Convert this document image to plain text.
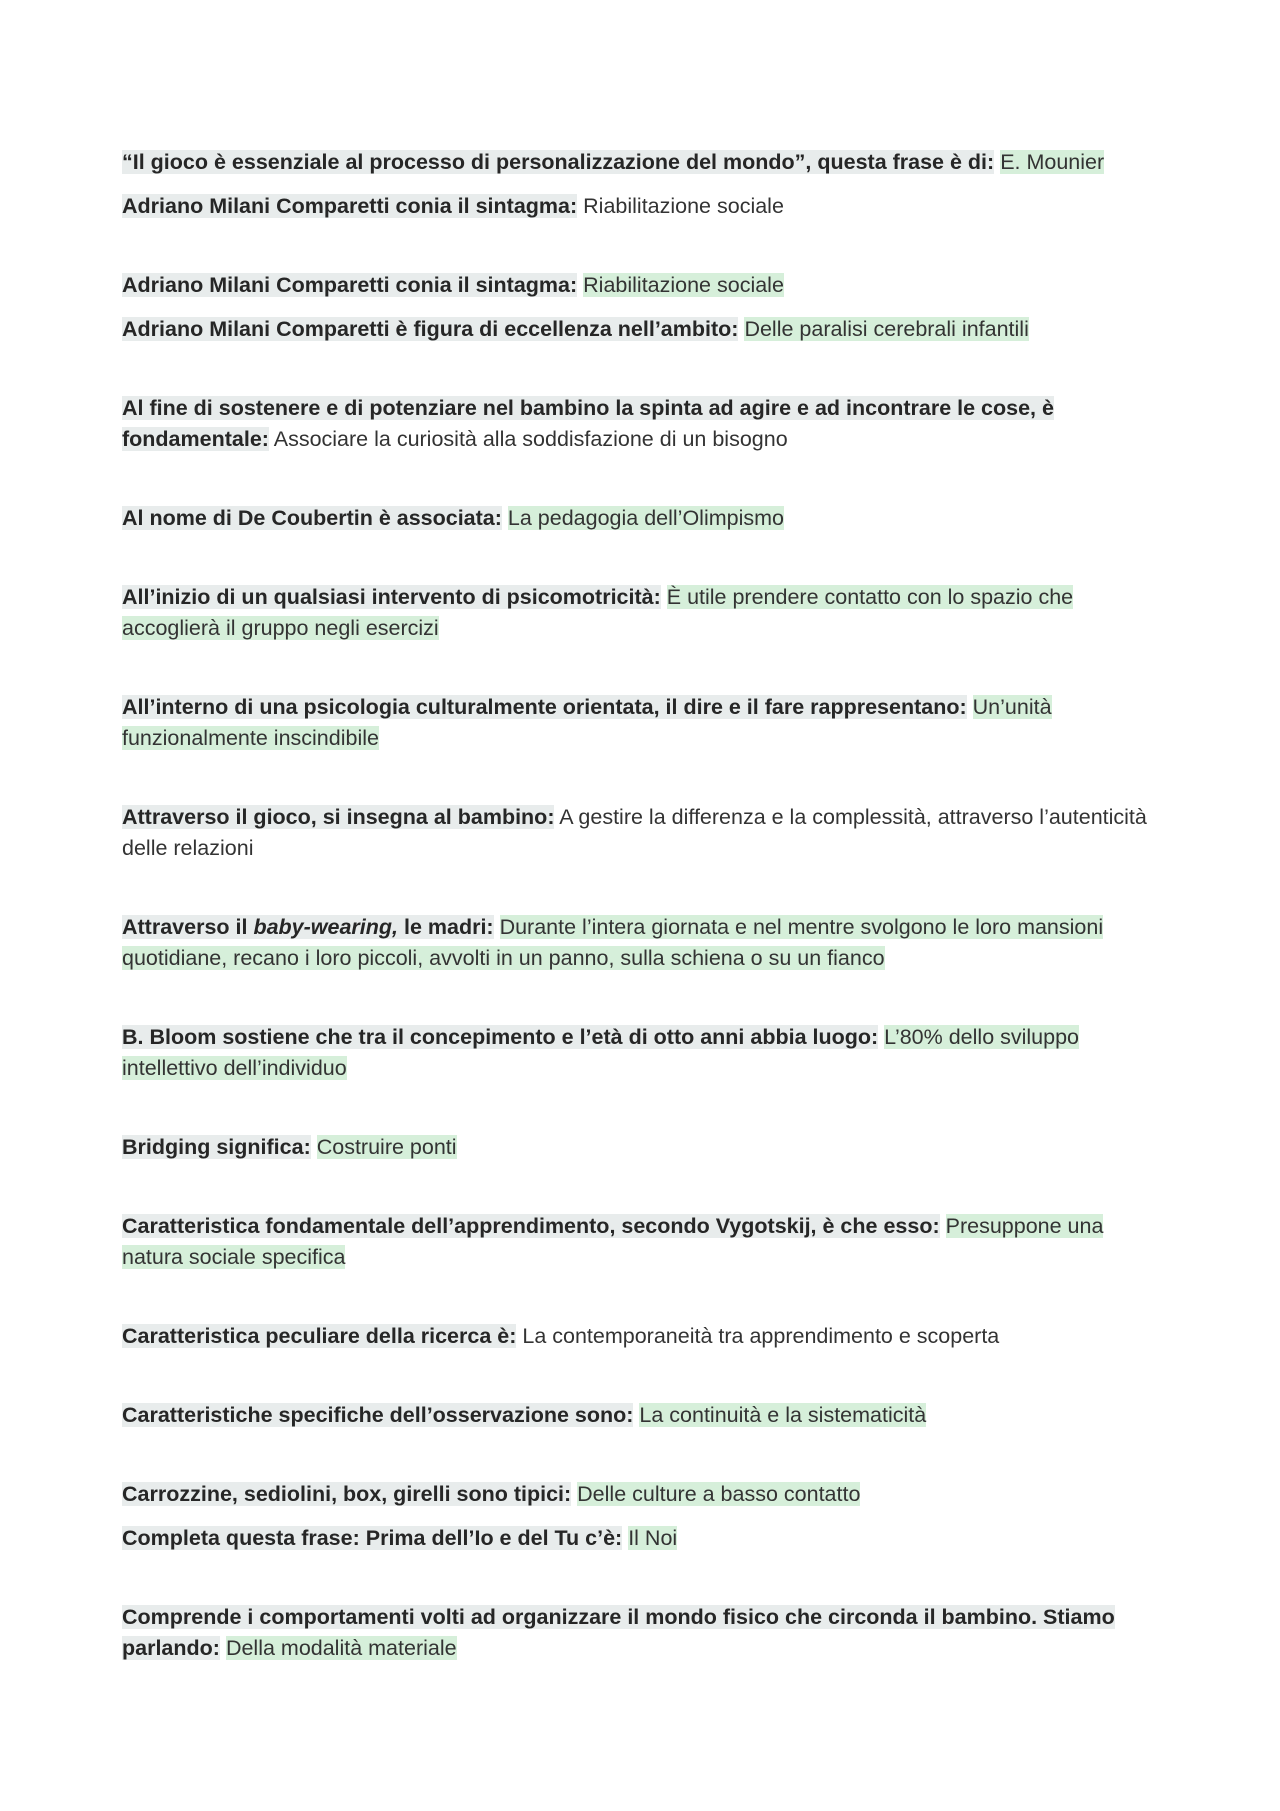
“Il gioco è essenziale al processo di personalizzazione del mondo”, questa frase è di: E. Mounier

Adriano Milani Comparetti conia il sintagma: Riabilitazione sociale

Adriano Milani Comparetti conia il sintagma: Riabilitazione sociale

Adriano Milani Comparetti è figura di eccellenza nell’ambito: Delle paralisi cerebrali infantili

Al fine di sostenere e di potenziare nel bambino la spinta ad agire e ad incontrare le cose, è fondamentale: Associare la curiosità alla soddisfazione di un bisogno

Al nome di De Coubertin è associata: La pedagogia dell’Olimpismo

All’inizio di un qualsiasi intervento di psicomotricità: È utile prendere contatto con lo spazio che accoglierà il gruppo negli esercizi

All’interno di una psicologia culturalmente orientata, il dire e il fare rappresentano: Un’unità funzionalmente inscindibile

Attraverso il gioco, si insegna al bambino: A gestire la differenza e la complessità, attraverso l’autenticità delle relazioni

Attraverso il baby-wearing, le madri: Durante l’intera giornata e nel mentre svolgono le loro mansioni quotidiane, recano i loro piccoli, avvolti in un panno, sulla schiena o su un fianco

B. Bloom sostiene che tra il concepimento e l’età di otto anni abbia luogo: L’80% dello sviluppo intellettivo dell’individuo

Bridging significa: Costruire ponti

Caratteristica fondamentale dell’apprendimento, secondo Vygotskij, è che esso: Presuppone una natura sociale specifica

Caratteristica peculiare della ricerca è: La contemporaneità tra apprendimento e scoperta

Caratteristiche specifiche dell’osservazione sono: La continuità e la sistematicità

Carrozzine, sediolini, box, girelli sono tipici: Delle culture a basso contatto

Completa questa frase: Prima dell’Io e del Tu c’è: Il Noi

Comprende i comportamenti volti ad organizzare il mondo fisico che circonda il bambino. Stiamo parlando: Della modalità materiale
